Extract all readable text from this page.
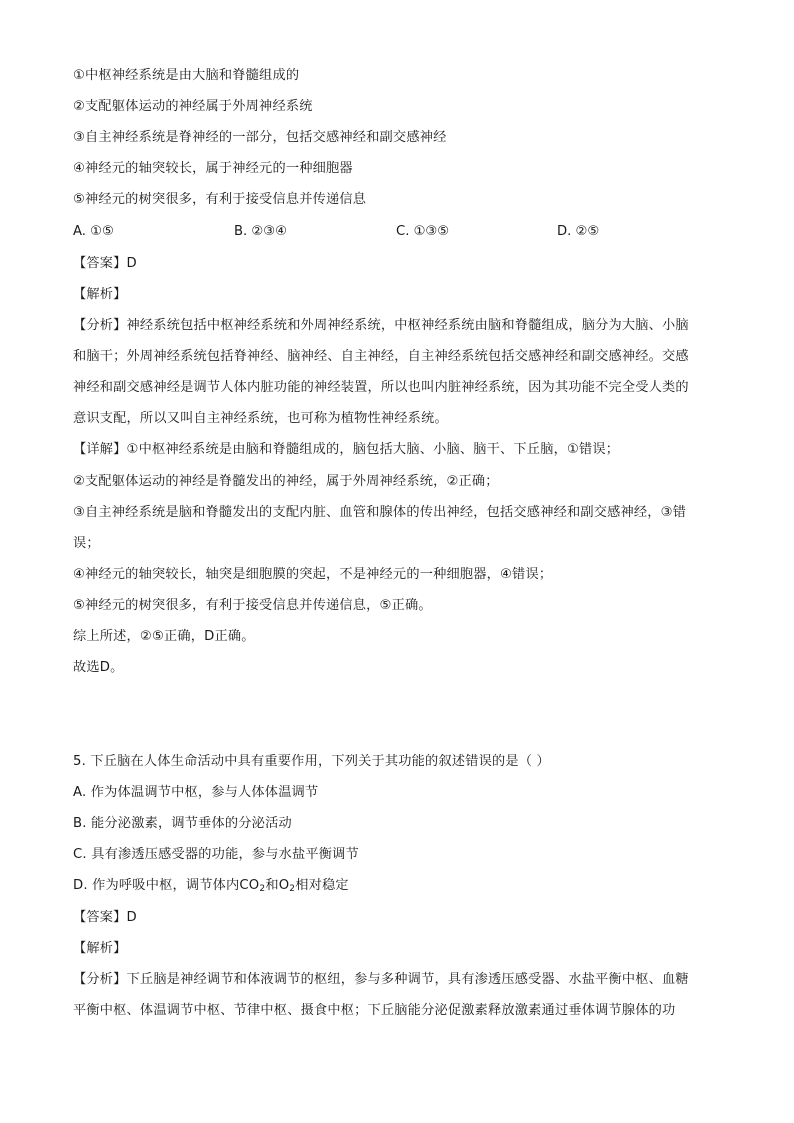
①中枢神经系统是由大脑和脊髓组成的
②支配躯体运动的神经属于外周神经系统
③自主神经系统是脊神经的一部分，包括交感神经和副交感神经
④神经元的轴突较长，属于神经元的一种细胞器
⑤神经元的树突很多，有利于接受信息并传递信息
A. ①⑤	B. ②③④	C. ①③⑤	D. ②⑤
【答案】D
【解析】
【分析】神经系统包括中枢神经系统和外周神经系统，中枢神经系统由脑和脊髓组成，脑分为大脑、小脑
和脑干；外周神经系统包括脊神经、脑神经、自主神经，自主神经系统包括交感神经和副交感神经。交感
神经和副交感神经是调节人体内脏功能的神经装置，所以也叫内脏神经系统，因为其功能不完全受人类的
意识支配，所以又叫自主神经系统，也可称为植物性神经系统。
【详解】①中枢神经系统是由脑和脊髓组成的，脑包括大脑、小脑、脑干、下丘脑，①错误；
②支配躯体运动的神经是脊髓发出的神经，属于外周神经系统，②正确；
③自主神经系统是脑和脊髓发出的支配内脏、血管和腺体的传出神经，包括交感神经和副交感神经，③错
误；
④神经元的轴突较长，轴突是细胞膜的突起，不是神经元的一种细胞器，④错误；
⑤神经元的树突很多，有利于接受信息并传递信息，⑤正确。
综上所述，②⑤正确，D正确。
故选D。
5. 下丘脑在人体生命活动中具有重要作用，下列关于其功能的叙述错误的是（ ）
A. 作为体温调节中枢，参与人体体温调节
B. 能分泌激素，调节垂体的分泌活动
C. 具有渗透压感受器的功能，参与水盐平衡调节
D. 作为呼吸中枢，调节体内$CO_2$和$O_2$相对稳定
【答案】D
【解析】
【分析】下丘脑是神经调节和体液调节的枢纽，参与多种调节，具有渗透压感受器、水盐平衡中枢、血糖
平衡中枢、体温调节中枢、节律中枢、摄食中枢；下丘脑能分泌促激素释放激素通过垂体调节腺体的功
